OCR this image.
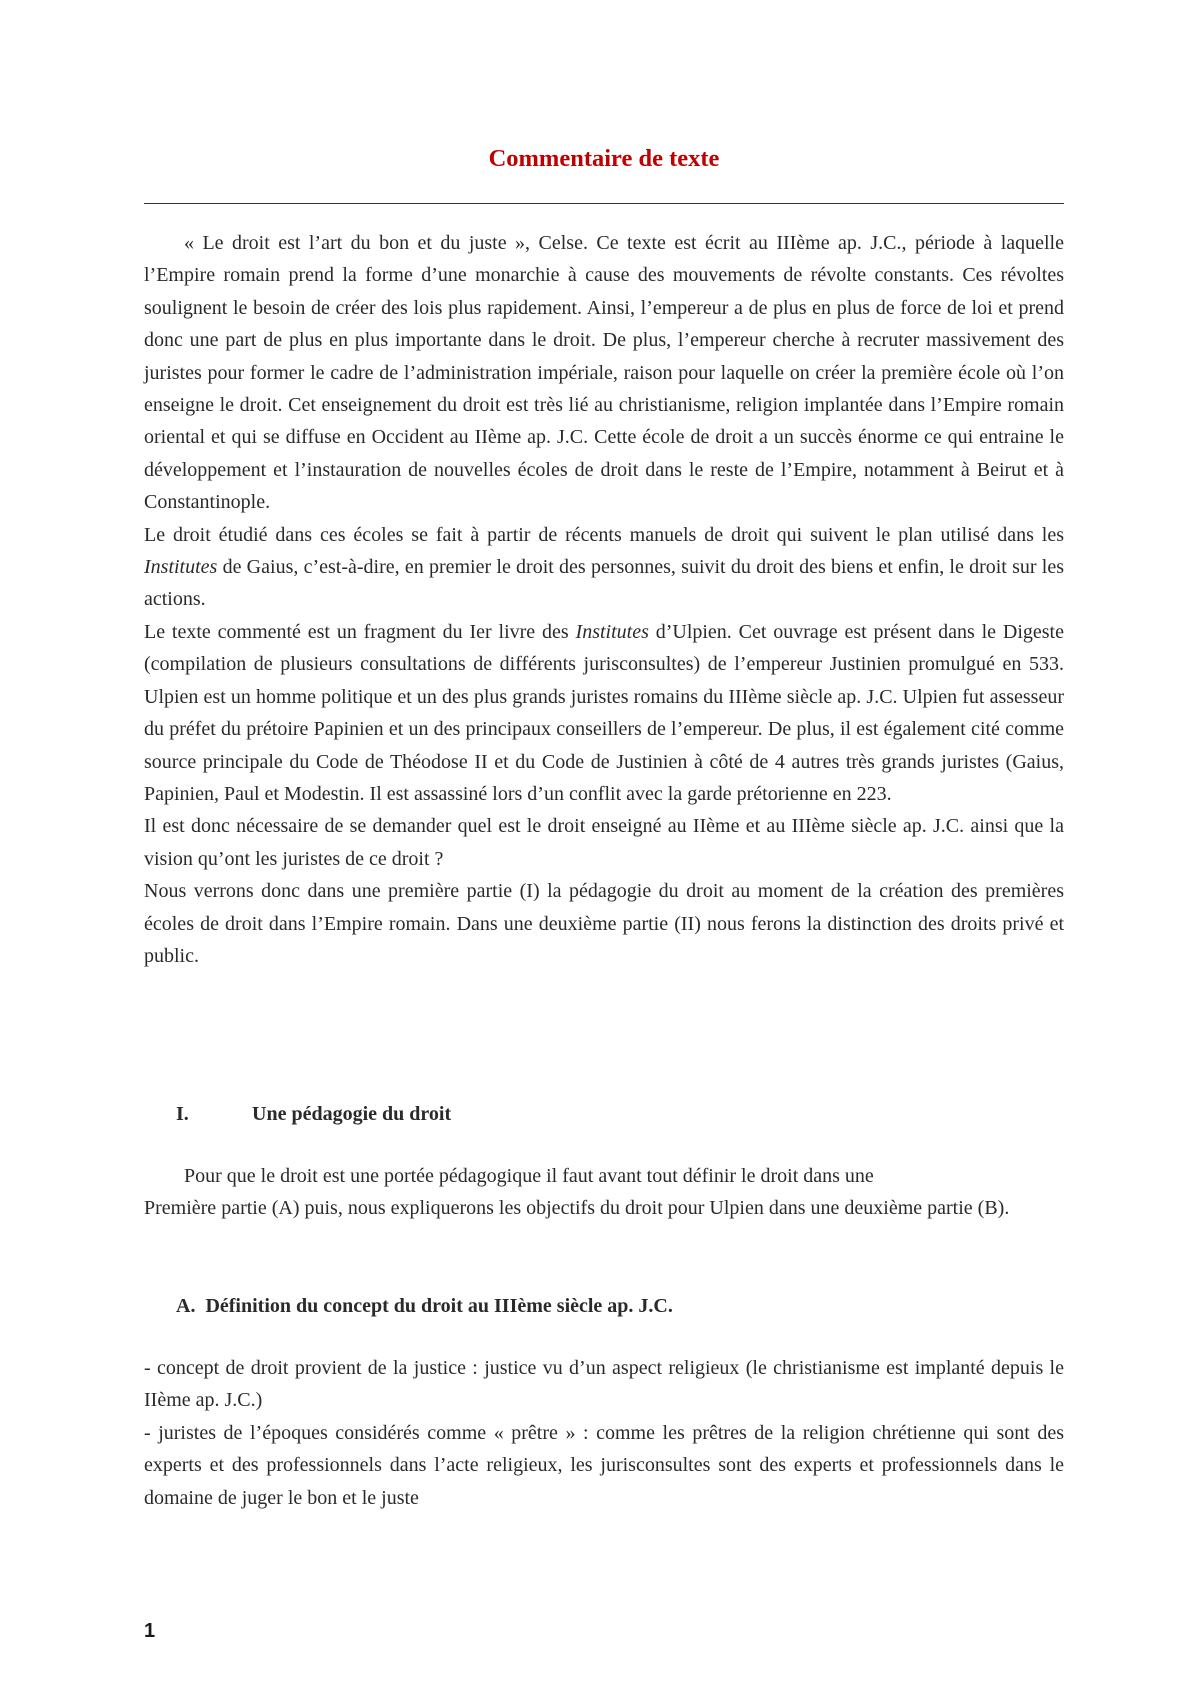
Commentaire de texte

« Le droit est l’art du bon et du juste », Celse. Ce texte est écrit au IIIème ap. J.C., période à laquelle l’Empire romain prend la forme d’une monarchie à cause des mouvements de révolte constants. Ces révoltes soulignent le besoin de créer des lois plus rapidement. Ainsi, l’empereur a de plus en plus de force de loi et prend donc une part de plus en plus importante dans le droit. De plus, l’empereur cherche à recruter massivement des juristes pour former le cadre de l’administration impériale, raison pour laquelle on créer la première école où l’on enseigne le droit. Cet enseignement du droit est très lié au christianisme, religion implantée dans l’Empire romain oriental et qui se diffuse en Occident au IIème ap. J.C. Cette école de droit a un succès énorme ce qui entraine le développement et l’instauration de nouvelles écoles de droit dans le reste de l’Empire, notamment à Beirut et à Constantinople.

Le droit étudié dans ces écoles se fait à partir de récents manuels de droit qui suivent le plan utilisé dans les Institutes de Gaius, c’est-à-dire, en premier le droit des personnes, suivit du droit des biens et enfin, le droit sur les actions.

Le texte commenté est un fragment du Ier livre des Institutes d’Ulpien. Cet ouvrage est présent dans le Digeste (compilation de plusieurs consultations de différents jurisconsultes) de l’empereur Justinien promulgué en 533. Ulpien est un homme politique et un des plus grands juristes romains du IIIème siècle ap. J.C. Ulpien fut assesseur du préfet du prétoire Papinien et un des principaux conseillers de l’empereur. De plus, il est également cité comme source principale du Code de Théodose II et du Code de Justinien à côté de 4 autres très grands juristes (Gaius, Papinien, Paul et Modestin. Il est assassiné lors d’un conflit avec la garde prétorienne en 223.

Il est donc nécessaire de se demander quel est le droit enseigné au IIème et au IIIème siècle ap. J.C. ainsi que la vision qu’ont les juristes de ce droit ?

Nous verrons donc dans une première partie (I) la pédagogie du droit au moment de la création des premières écoles de droit dans l’Empire romain. Dans une deuxième partie (II) nous ferons la distinction des droits privé et public.

I.	Une pédagogie du droit

Pour que le droit est une portée pédagogique il faut avant tout définir le droit dans une

Première partie (A) puis, nous expliquerons les objectifs du droit pour Ulpien dans une deuxième partie (B).

A. Définition du concept du droit au IIIème siècle ap. J.C.

- concept de droit provient de la justice : justice vu d’un aspect religieux (le christianisme est implanté depuis le IIème ap. J.C.)

- juristes de l’époques considérés comme « prêtre » : comme les prêtres de la religion chrétienne qui sont des experts et des professionnels dans l’acte religieux, les jurisconsultes sont des experts et professionnels dans le domaine de juger le bon et le juste

1
